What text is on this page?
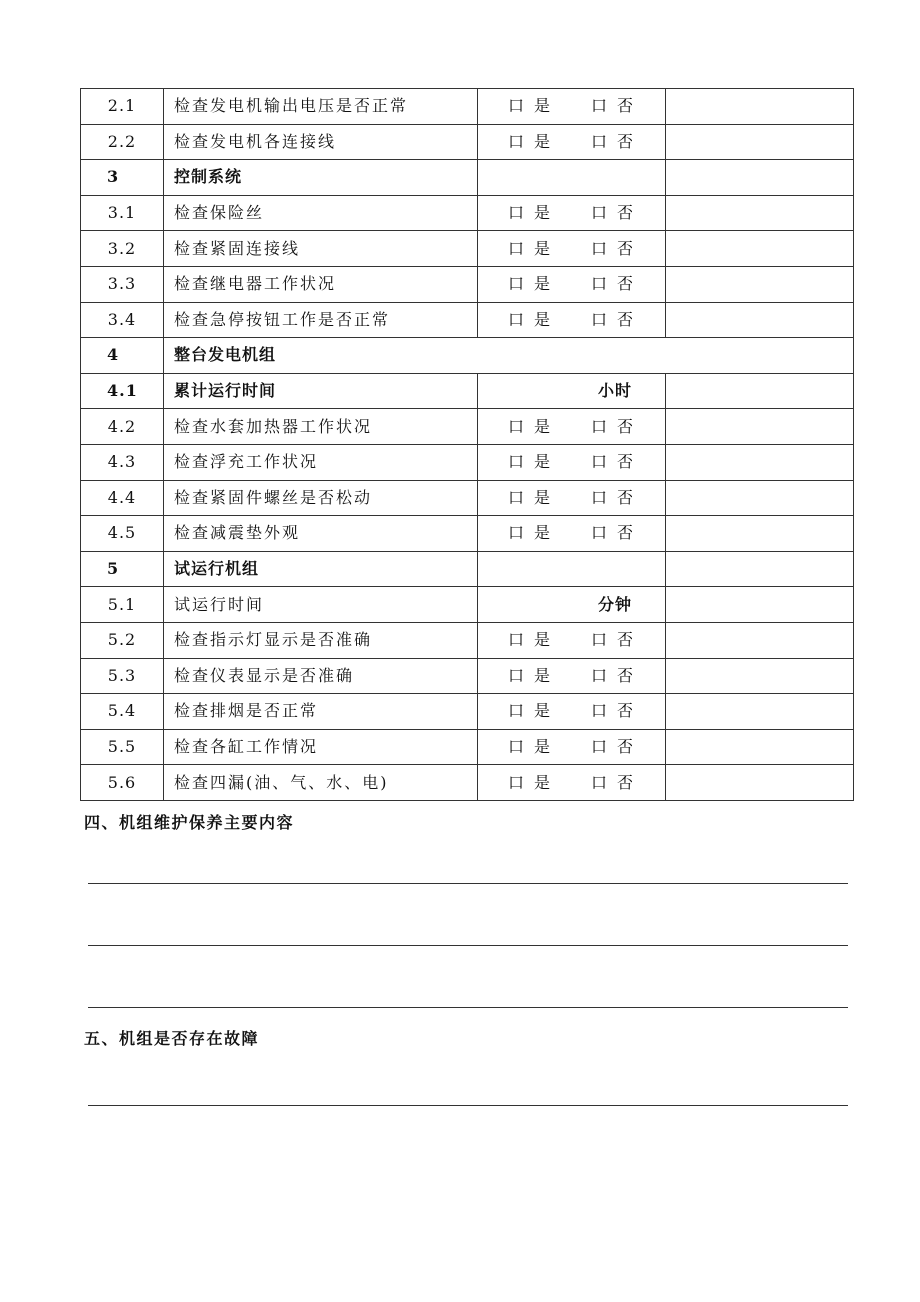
2.1	检查发电机输出电压是否正常	口是 口否	

2.2	检查发电机各连接线	口是 口否	

3	控制系统		
3.1	检查保险丝	口是 口否	

3.2	检查紧固连接线	口是 口否	

3.3	检查继电器工作状况	口是 口否	

3.4	检查急停按钮工作是否正常	口是 口否	

4	整台发电机组		
4.1	累计运行时间	小时	

4.2	检查水套加热器工作状况	口是 口否	

4.3	检查浮充工作状况	口是 口否	

4.4	检查紧固件螺丝是否松动	口是 口否	

4.5	检查减震垫外观	口是 口否	

5	试运行机组		
5.1	试运行时间	分钟	

5.2	检查指示灯显示是否准确	口是 口否	

5.3	检查仪表显示是否准确	口是 口否	

5.4	检查排烟是否正常	口是 口否	

5.5	检查各缸工作情况	口是 口否	

5.6	检查四漏(油、气、水、电)	口是 口否	

四、机组维护保养主要内容
五、机组是否存在故障
